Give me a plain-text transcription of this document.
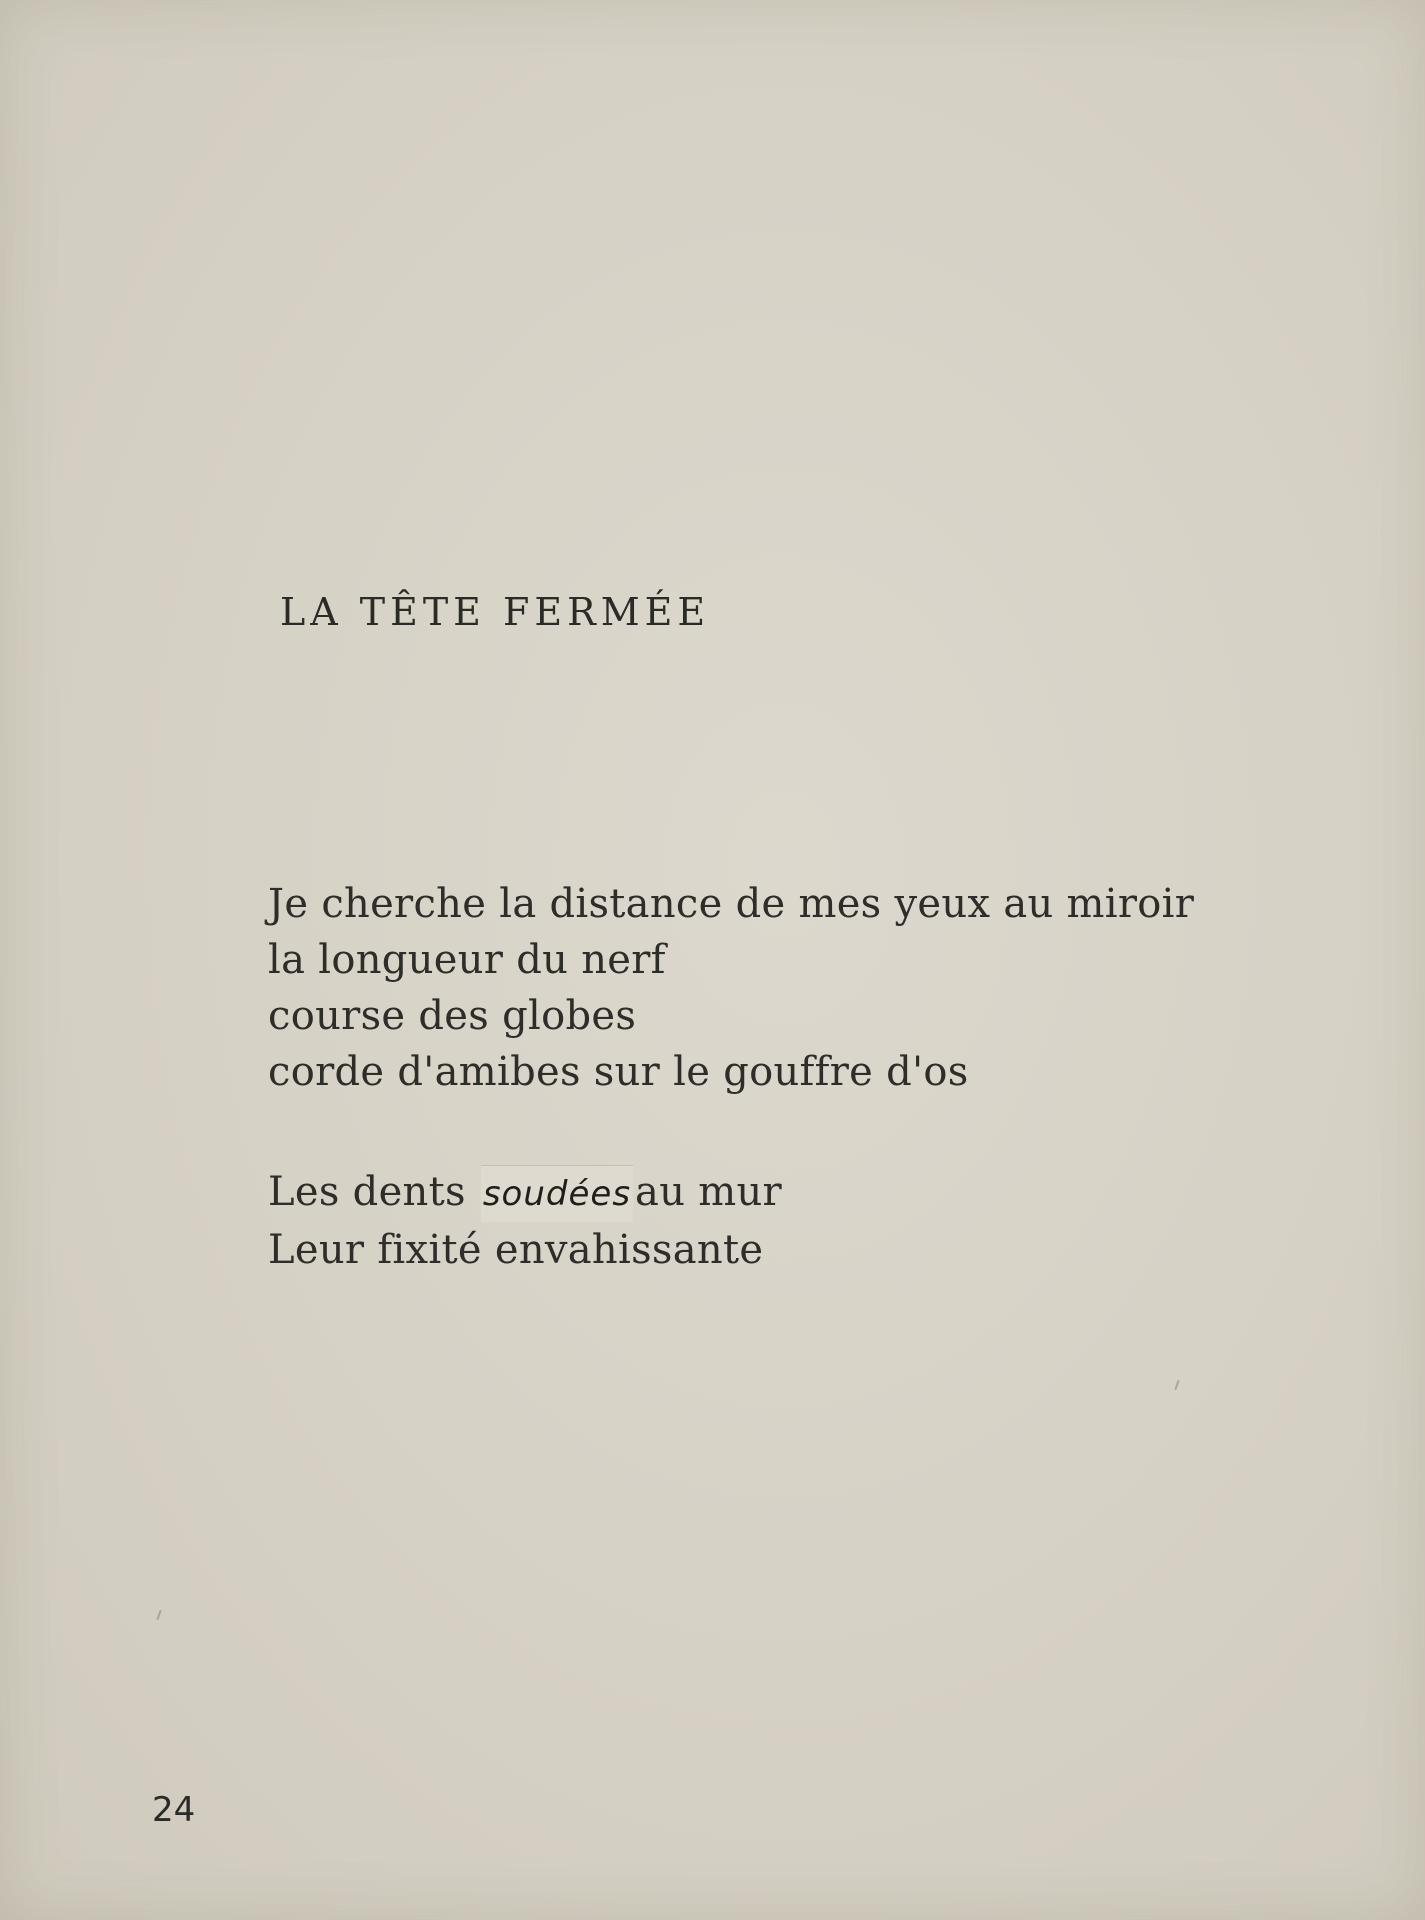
LA TÊTE FERMÉE
Je cherche la distance de mes yeux au miroir
la longueur du nerf
course des globes
corde d'amibes sur le gouffre d'os
Les dents soudées au mur
Leur fixité envahissante

24
